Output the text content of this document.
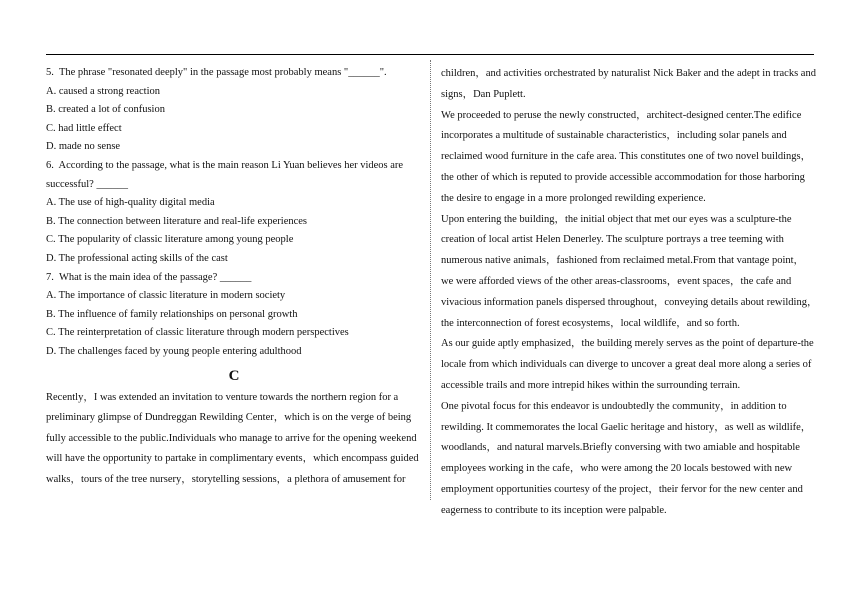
5. The phrase "resonated deeply" in the passage most probably means "______".
A. caused a strong reaction
B. created a lot of confusion
C. had little effect
D. made no sense
6. According to the passage, what is the main reason Li Yuan believes her videos are
successful? ______
A. The use of high-quality digital media
B. The connection between literature and real-life experiences
C. The popularity of classic literature among young people
D. The professional acting skills of the cast
7. What is the main idea of the passage? ______
A. The importance of classic literature in modern society
B. The influence of family relationships on personal growth
C. The reinterpretation of classic literature through modern perspectives
D. The challenges faced by young people entering adulthood
C
Recently，I was extended an invitation to venture towards the northern region for a
preliminary glimpse of Dundreggan Rewilding Center，which is on the verge of being
fully accessible to the public.Individuals who manage to arrive for the opening weekend
will have the opportunity to partake in complimentary events，which encompass guided
walks，tours of the tree nursery，storytelling sessions，a plethora of amusement for
children，and activities orchestrated by naturalist Nick Baker and the adept in tracks and
signs，Dan Puplett.
We proceeded to peruse the newly constructed，architect-designed center.The edifice
incorporates a multitude of sustainable characteristics，including solar panels and
reclaimed wood furniture in the cafe area. This constitutes one of two novel buildings，
the other of which is reputed to provide accessible accommodation for those harboring
the desire to engage in a more prolonged rewilding experience.
Upon entering the building，the initial object that met our eyes was a sculpture-the
creation of local artist Helen Denerley. The sculpture portrays a tree teeming with
numerous native animals，fashioned from reclaimed metal.From that vantage point，
we were afforded views of the other areas-classrooms，event spaces，the cafe and
vivacious information panels dispersed throughout，conveying details about rewilding，
the interconnection of forest ecosystems，local wildlife，and so forth.
As our guide aptly emphasized，the building merely serves as the point of departure-the
locale from which individuals can diverge to uncover a great deal more along a series of
accessible trails and more intrepid hikes within the surrounding terrain.
One pivotal focus for this endeavor is undoubtedly the community，in addition to
rewilding. It commemorates the local Gaelic heritage and history，as well as wildlife，
woodlands，and natural marvels.Briefly conversing with two amiable and hospitable
employees working in the cafe，who were among the 20 locals bestowed with new
employment opportunities courtesy of the project，their fervor for the new center and
eagerness to contribute to its inception were palpable.
